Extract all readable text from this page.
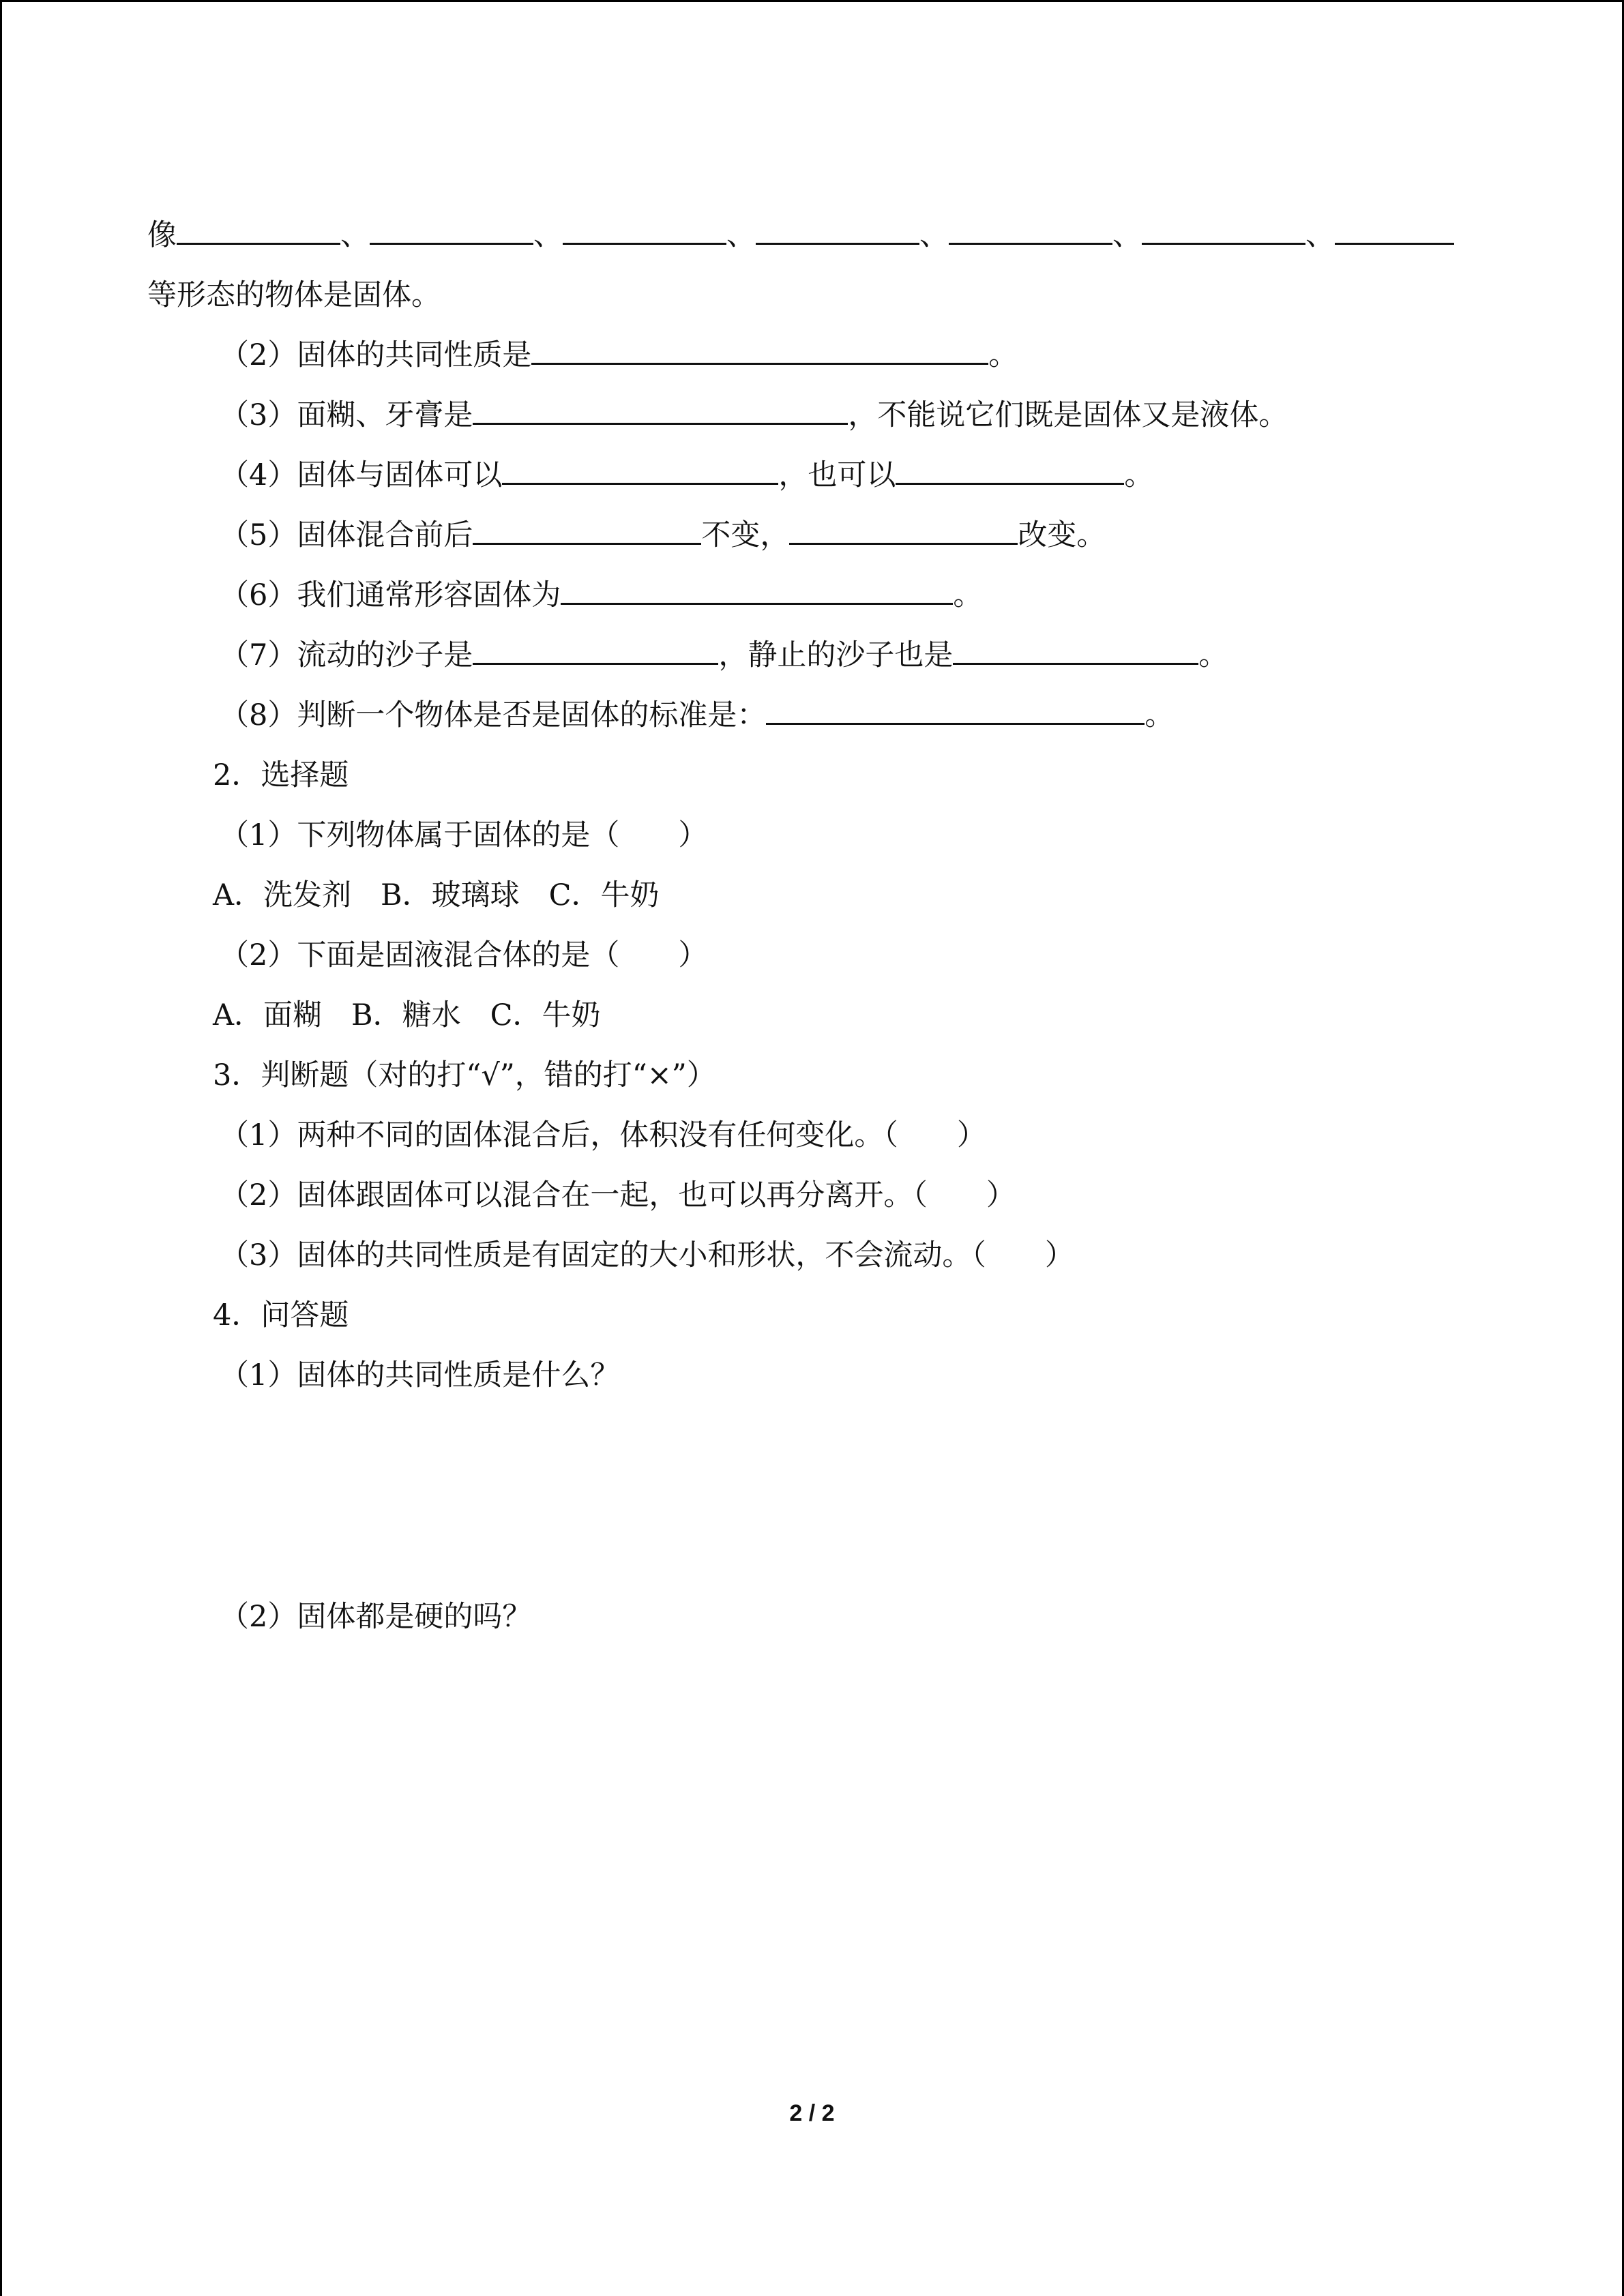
像	、	、	、	、	、	、
等形态的物体是固体。
（2）固体的共同性质是	。
（3）面糊、牙膏是	，不能说它们既是固体又是液体。
（4）固体与固体可以	，也可以	。
（5）固体混合前后	不变，	改变。
（6）我们通常形容固体为	。
（7）流动的沙子是	，静止的沙子也是	。
（8）判断一个物体是否是固体的标准是：	。
2．选择题
（1）下列物体属于固体的是（　　）
A．洗发剂　B．玻璃球　C．牛奶
（2）下面是固液混合体的是（　　）
A．面糊　B．糖水　C．牛奶
3．判断题（对的打“√”，错的打“×”）
（1）两种不同的固体混合后，体积没有任何变化。（　　）
（2）固体跟固体可以混合在一起，也可以再分离开。（　　）
（3）固体的共同性质是有固定的大小和形状，不会流动。（　　）
4．问答题
（1）固体的共同性质是什么？
（2）固体都是硬的吗？
2 / 2
